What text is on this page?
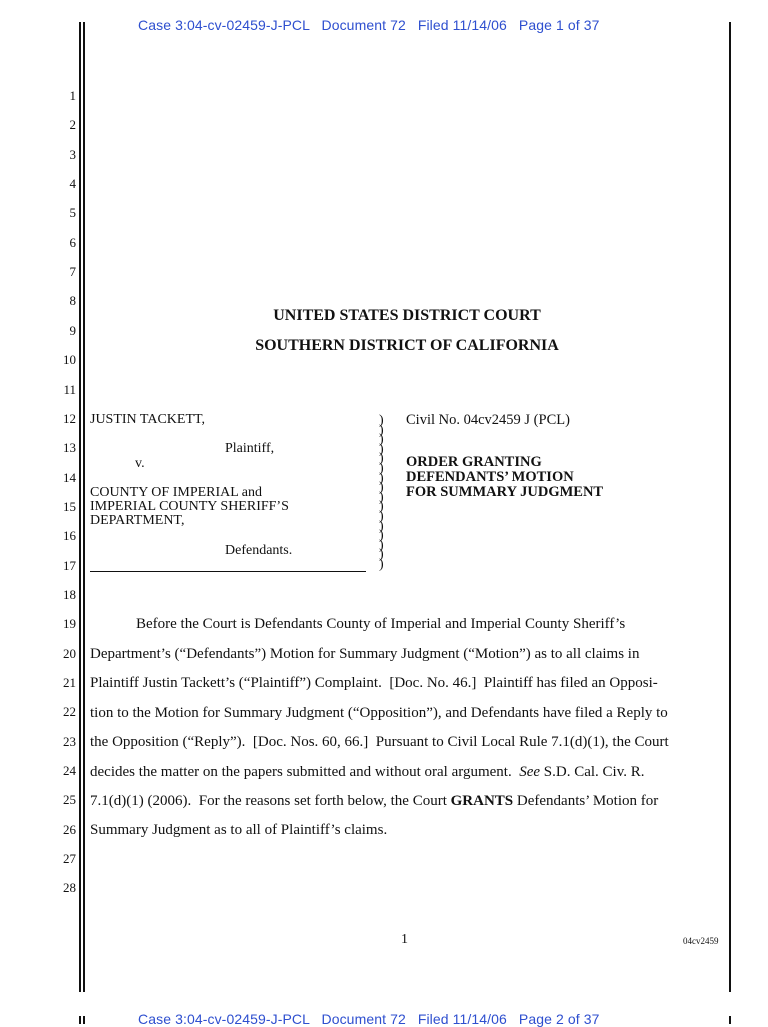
Case 3:04-cv-02459-J-PCL   Document 72   Filed 11/14/06   Page 1 of 37
1
2
3
4
5
6
7
8
9
10
11
12
13
14
15
16
17
18
19
20
21
22
23
24
25
26
27
28
UNITED STATES DISTRICT COURT
SOUTHERN DISTRICT OF CALIFORNIA
JUSTIN TACKETT,
Plaintiff,
v.
COUNTY OF IMPERIAL and
IMPERIAL COUNTY SHERIFF’S
DEPARTMENT,
Defendants.
)
)
)
)
)
)
)
)
)
)
)
)
)
)
)
)
Civil No. 04cv2459 J (PCL)
ORDER GRANTING
DEFENDANTS’ MOTION
FOR SUMMARY JUDGMENT
Before the Court is Defendants County of Imperial and Imperial County Sheriff’s
Department’s (“Defendants”) Motion for Summary Judgment (“Motion”) as to all claims in
Plaintiff Justin Tackett’s (“Plaintiff”) Complaint.  [Doc. No. 46.]  Plaintiff has filed an Opposi-
tion to the Motion for Summary Judgment (“Opposition”), and Defendants have filed a Reply to
the Opposition (“Reply”).  [Doc. Nos. 60, 66.]  Pursuant to Civil Local Rule 7.1(d)(1), the Court
decides the matter on the papers submitted and without oral argument.  See S.D. Cal. Civ. R.
7.1(d)(1) (2006).  For the reasons set forth below, the Court GRANTS Defendants’ Motion for
Summary Judgment as to all of Plaintiff’s claims.
1	04cv2459
Case 3:04-cv-02459-J-PCL   Document 72   Filed 11/14/06   Page 2 of 37
